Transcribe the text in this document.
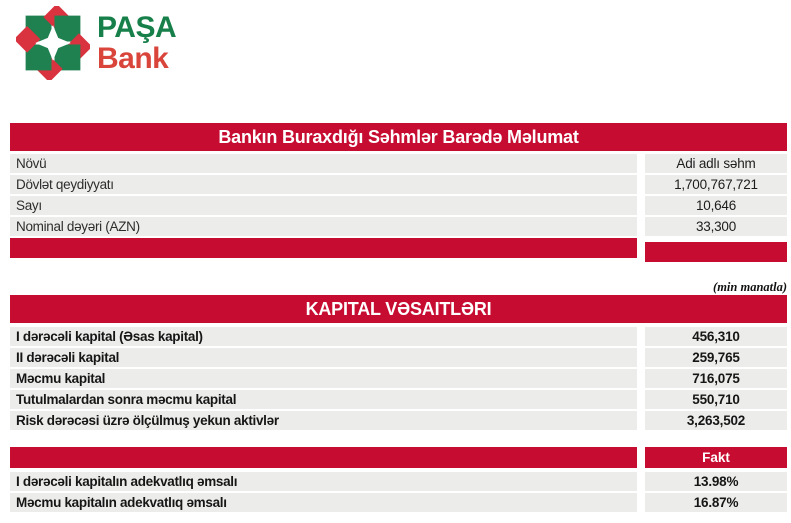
PAŞA
Bank
Bankın Buraxdığı Səhmlər Barədə Məlumat
Növü	Adi adlı səhm
Dövlət qeydiyyatı	1,700,767,721
Sayı	10,646
Nominal dəyəri (AZN)	33,300
(min manatla)
KAPITAL VƏSAITLƏRI
I dərəcəli kapital (Əsas kapital)	456,310
II dərəcəli kapital	259,765
Məcmu kapital	716,075
Tutulmalardan sonra məcmu kapital	550,710
Risk dərəcəsi üzrə ölçülmuş yekun aktivlər	3,263,502
Fakt
I dərəcəli kapitalın adekvatlıq əmsalı	13.98%
Məcmu kapitalın adekvatlıq əmsalı	16.87%
